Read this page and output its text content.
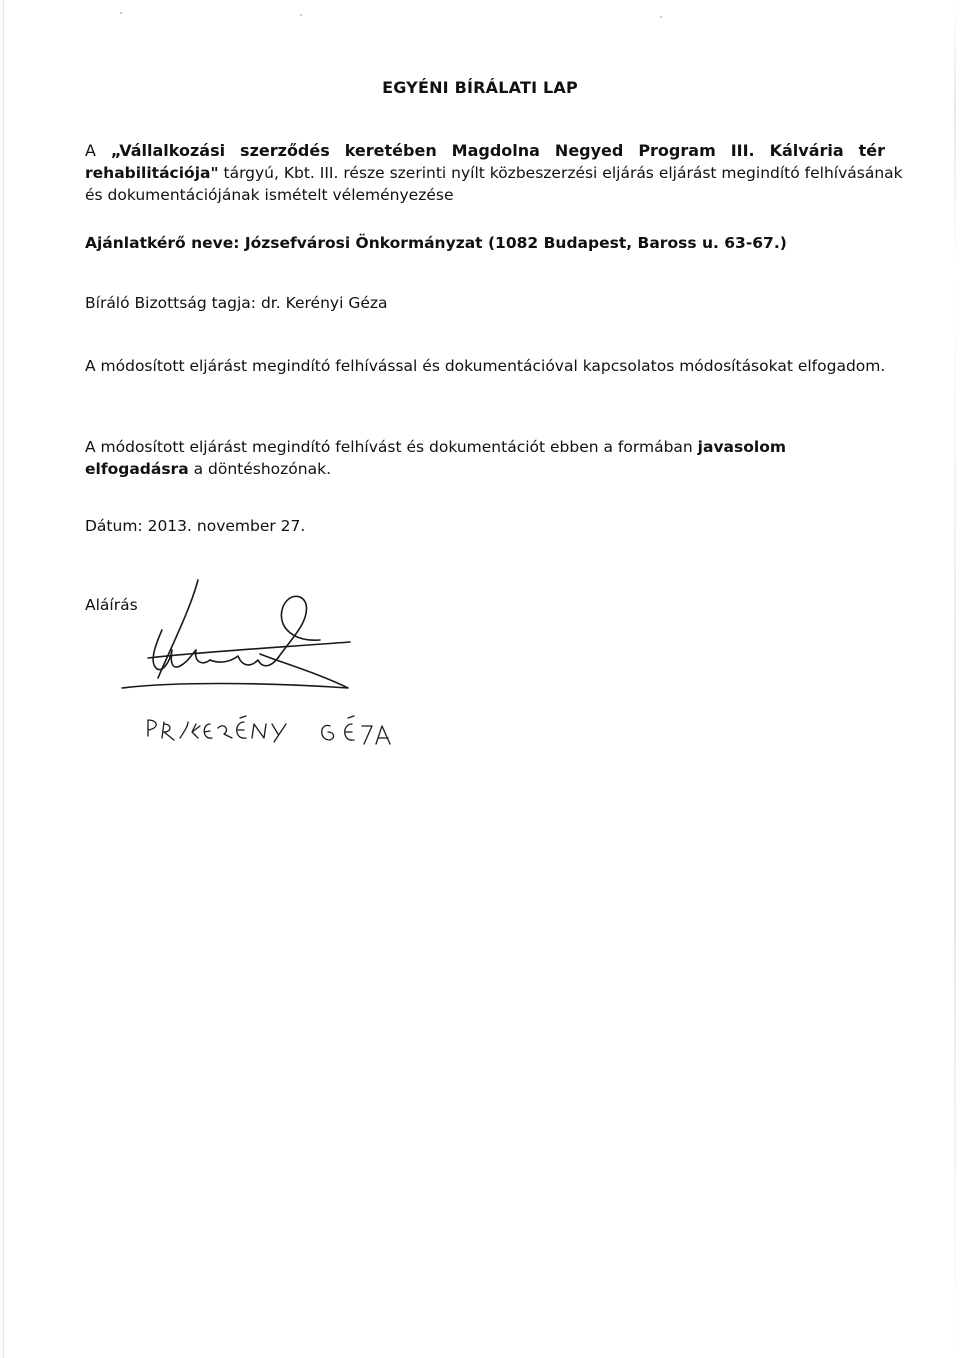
EGYÉNI BÍRÁLATI LAP
A „Vállalkozási szerződés keretében Magdolna Negyed Program III. Kálvária tér
rehabilitációja" tárgyú, Kbt. III. része szerinti nyílt közbeszerzési eljárás eljárást megindító felhívásának
és dokumentációjának ismételt véleményezése
Ajánlatkérő neve: Józsefvárosi Önkormányzat (1082 Budapest, Baross u. 63-67.)
Bíráló Bizottság tagja: dr. Kerényi Géza
A módosított eljárást megindító felhívással és dokumentációval kapcsolatos módosításokat elfogadom.
A módosított eljárást megindító felhívást és dokumentációt ebben a formában javasolom elfogadásra a döntéshozónak.
Dátum: 2013. november 27.
Aláírás
